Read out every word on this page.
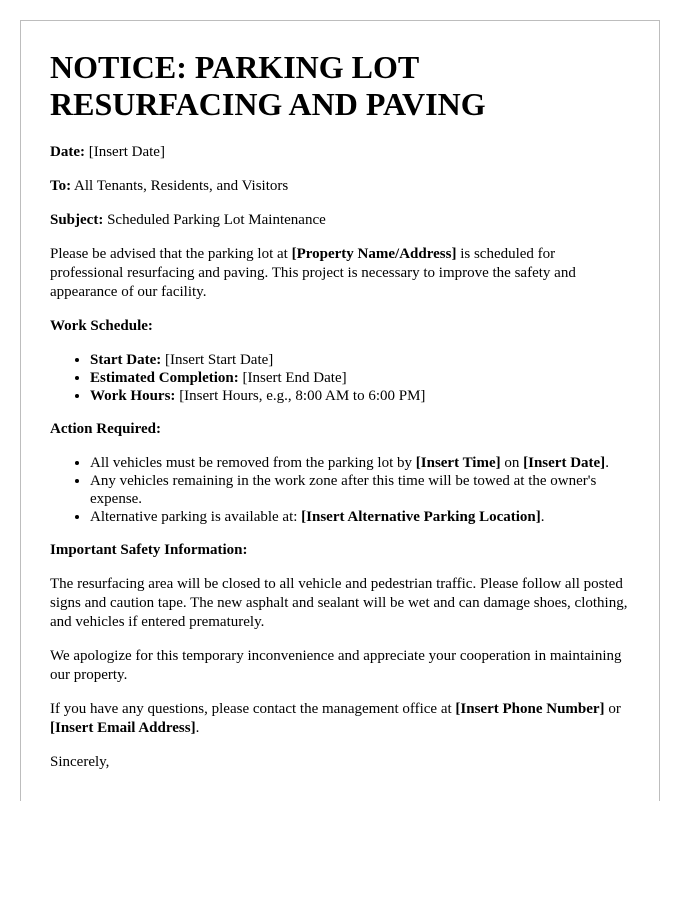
NOTICE: PARKING LOT RESURFACING AND PAVING

Date: [Insert Date]

To: All Tenants, Residents, and Visitors

Subject: Scheduled Parking Lot Maintenance

Please be advised that the parking lot at [Property Name/Address] is scheduled for professional resurfacing and paving. This project is necessary to improve the safety and appearance of our facility.

Work Schedule:

• Start Date: [Insert Start Date]
• Estimated Completion: [Insert End Date]
• Work Hours: [Insert Hours, e.g., 8:00 AM to 6:00 PM]

Action Required:

• All vehicles must be removed from the parking lot by [Insert Time] on [Insert Date].
• Any vehicles remaining in the work zone after this time will be towed at the owner's expense.
• Alternative parking is available at: [Insert Alternative Parking Location].

Important Safety Information:

The resurfacing area will be closed to all vehicle and pedestrian traffic. Please follow all posted signs and caution tape. The new asphalt and sealant will be wet and can damage shoes, clothing, and vehicles if entered prematurely.

We apologize for this temporary inconvenience and appreciate your cooperation in maintaining our property.

If you have any questions, please contact the management office at [Insert Phone Number] or [Insert Email Address].

Sincerely,
